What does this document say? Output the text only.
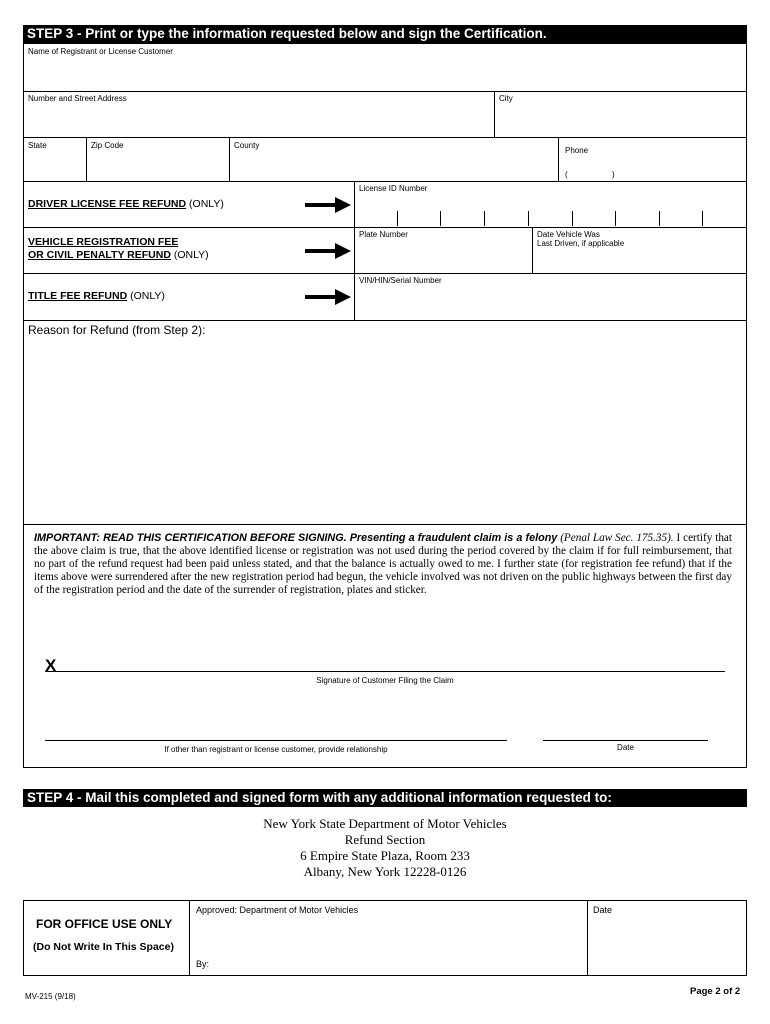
STEP 3 - Print or type the information requested below and sign the Certification.
Name of Registrant or License Customer
Number and Street Address	City
State	Zip Code	County
Phone
(	)
DRIVER LICENSE FEE REFUND (ONLY)
License ID Number
VEHICLE REGISTRATION FEE
OR CIVIL PENALTY REFUND (ONLY)
Plate Number	Date Vehicle Was
Last Driven, if applicable
TITLE FEE REFUND (ONLY)
VIN/HIN/Serial Number
Reason for Refund (from Step 2):
IMPORTANT: READ THIS CERTIFICATION BEFORE SIGNING. Presenting a fraudulent claim is a felony (Penal Law Sec. 175.35). I certify that the above claim is true, that the above identified license or registration was not used during the period covered by the claim if for full reimbursement, that no part of the refund request had been paid unless stated, and that the balance is actually owed to me. I further state (for registration fee refund) that if the items above were surrendered after the new registration period had begun, the vehicle involved was not driven on the public highways between the first day of the registration period and the date of the surrender of registration, plates and sticker.
X
Signature of Customer Filing the Claim
If other than registrant or license customer, provide relationship	Date
STEP 4 - Mail this completed and signed form with any additional information requested to:
New York State Department of Motor Vehicles
Refund Section
6 Empire State Plaza, Room 233
Albany, New York 12228-0126
FOR OFFICE USE ONLY
(Do Not Write In This Space)
Approved: Department of Motor Vehicles
By:
Date
MV-215 (9/18)	Page 2 of 2
